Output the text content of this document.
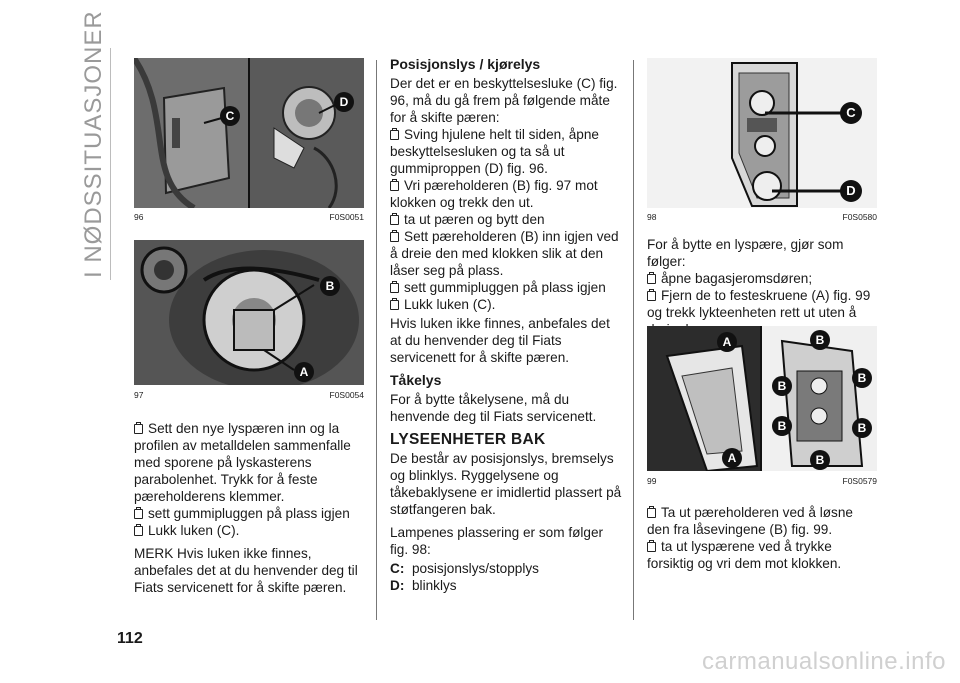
I NØDSSITUASJONER	C
D
96	F0S0051
B
A
97	F0S0054

Sett den nye lyspæren inn og la profilen av metalldelen sammenfalle med sporene på lyskasterens parabolenhet. Trykk for å feste pæreholderens klemmer.

sett gummipluggen på plass igjen

Lukk luken (C).

MERK Hvis luken ikke finnes, anbefales det at du henvender deg til Fiats servicenett for å skifte pæren.

Posisjonslys / kjørelys

Der det er en beskyttelsesluke (C) fig. 96, må du gå frem på følgende måte for å skifte pæren:

Sving hjulene helt til siden, åpne beskyttelsesluken og ta så ut gummiproppen (D) fig. 96.

Vri pæreholderen (B) fig. 97 mot klokken og trekk den ut.

ta ut pæren og bytt den

Sett pæreholderen (B) inn igjen ved å dreie den med klokken slik at den låser seg på plass.

sett gummipluggen på plass igjen

Lukk luken (C).

Hvis luken ikke finnes, anbefales det at du henvender deg til Fiats servicenett for å skifte pæren.

Tåkelys

For å bytte tåkelysene, må du henvende deg til Fiats servicenett.

LYSEENHETER BAK

De består av posisjonslys, bremselys og blinklys. Ryggelysene og tåkebaklysene er imidlertid plassert på støtfangeren bak.

Lampenes plassering er som følger fig. 98:

C: posisjonslys/stopplys
D: blinklys
C
D
98	F0S0580

For å bytte en lyspære, gjør som følger:

åpne bagasjeromsdøren;

Fjern de to festeskruene (A) fig. 99 og trekk lykteenheten rett ut uten å

A	B
B
B
B	B
A	B
99	F0S0579

Ta ut pæreholderen ved å løsne den fra låsevingene (B) fig. 99.

ta ut lyspærene ved å trykke forsiktig og vri dem mot klokken.

112
carmanualsonline.info
